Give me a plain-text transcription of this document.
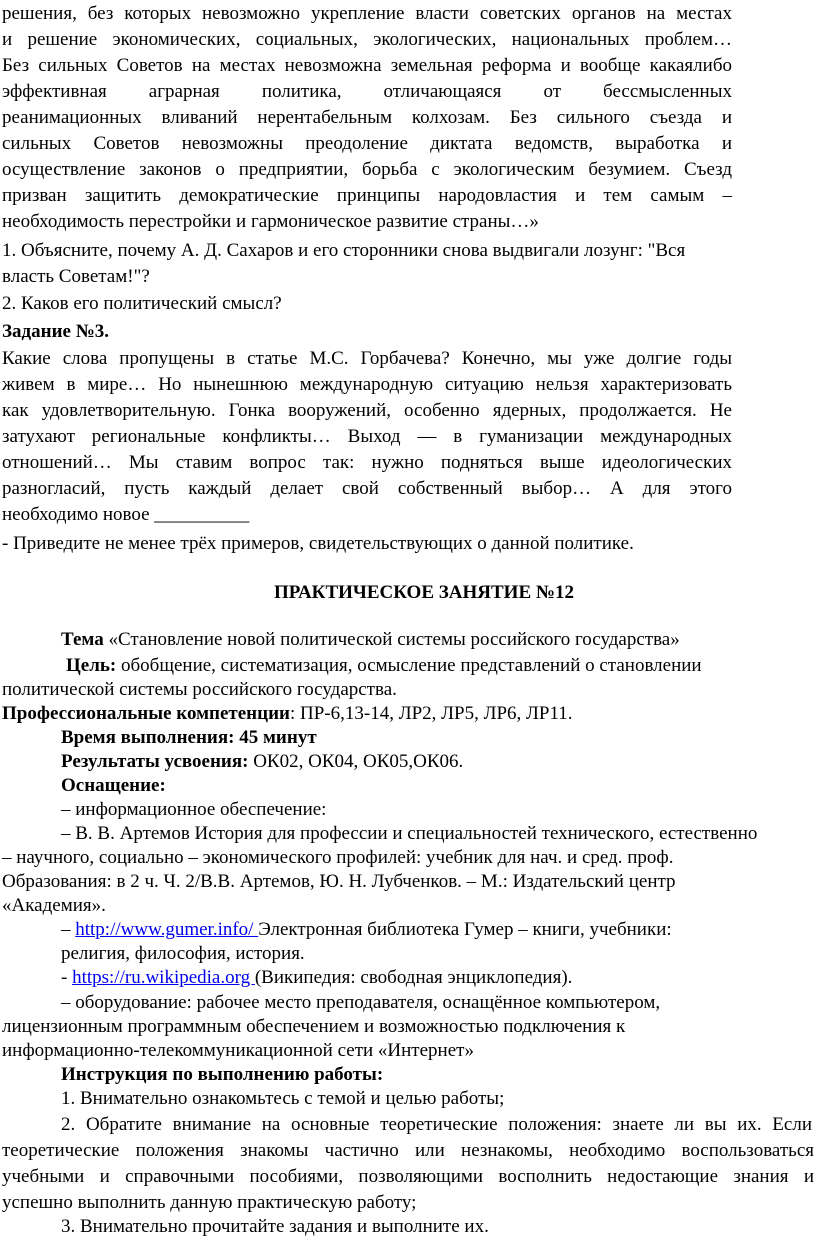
решения, без которых невозможно укрепление власти советских органов на местах
и решение экономических, социальных, экологических, национальных проблем…
Без сильных Советов на местах невозможна земельная реформа и вообще какаялибо
эффективная аграрная политика, отличающаяся от бессмысленных
реанимационных вливаний нерентабельным колхозам. Без сильного съезда и
сильных Советов невозможны преодоление диктата ведомств, выработка и
осуществление законов о предприятии, борьба с экологическим безумием. Съезд
призван защитить демократические принципы народовластия и тем самым –
необходимость перестройки и гармоническое развитие страны…»
1. Объясните, почему А. Д. Сахаров и его сторонники снова выдвигали лозунг: "Вся
власть Советам!"?
2. Каков его политический смысл?
Задание №3.
Какие слова пропущены в статье М.С. Горбачева? Конечно, мы уже долгие годы
живем в мире… Но нынешнюю международную ситуацию нельзя характеризовать
как удовлетворительную. Гонка вооружений, особенно ядерных, продолжается. Не
затухают региональные конфликты… Выход — в гуманизации международных
отношений… Мы ставим вопрос так: нужно подняться выше идеологических
разногласий, пусть каждый делает свой собственный выбор… А для этого
необходимо новое __________
- Приведите не менее трёх примеров, свидетельствующих о данной политике.
ПРАКТИЧЕСКОЕ ЗАНЯТИЕ №12
Тема «Становление новой политической системы российского государства»
Цель: обобщение, систематизация, осмысление представлений о становлении
политической системы российского государства.
Профессиональные компетенции: ПР-6,13-14, ЛР2, ЛР5, ЛР6, ЛР11.
Время выполнения: 45 минут
Результаты усвоения: ОК02, ОК04, ОК05,ОК06.
Оснащение:
– информационное обеспечение:
– В. В. Артемов История для профессии и специальностей технического, естественно
– научного, социально – экономического профилей: учебник для нач. и сред. проф.
Образования: в 2 ч. Ч. 2/В.В. Артемов, Ю. Н. Лубченков. – М.: Издательский центр
«Академия».
– http://www.gumer.info/ Электронная библиотека Гумер – книги, учебники:
религия, философия, история.
- https://ru.wikipedia.org (Википедия: свободная энциклопедия).
– оборудование: рабочее место преподавателя, оснащённое компьютером,
лицензионным программным обеспечением и возможностью подключения к
информационно-телекоммуникационной сети «Интернет»
Инструкция по выполнению работы:
1. Внимательно ознакомьтесь с темой и целью работы;
2. Обратите внимание на основные теоретические положения: знаете ли вы их. Если
теоретические положения знакомы частично или незнакомы, необходимо воспользоваться
учебными и справочными пособиями, позволяющими восполнить недостающие знания и
успешно выполнить данную практическую работу;
3. Внимательно прочитайте задания и выполните их.
